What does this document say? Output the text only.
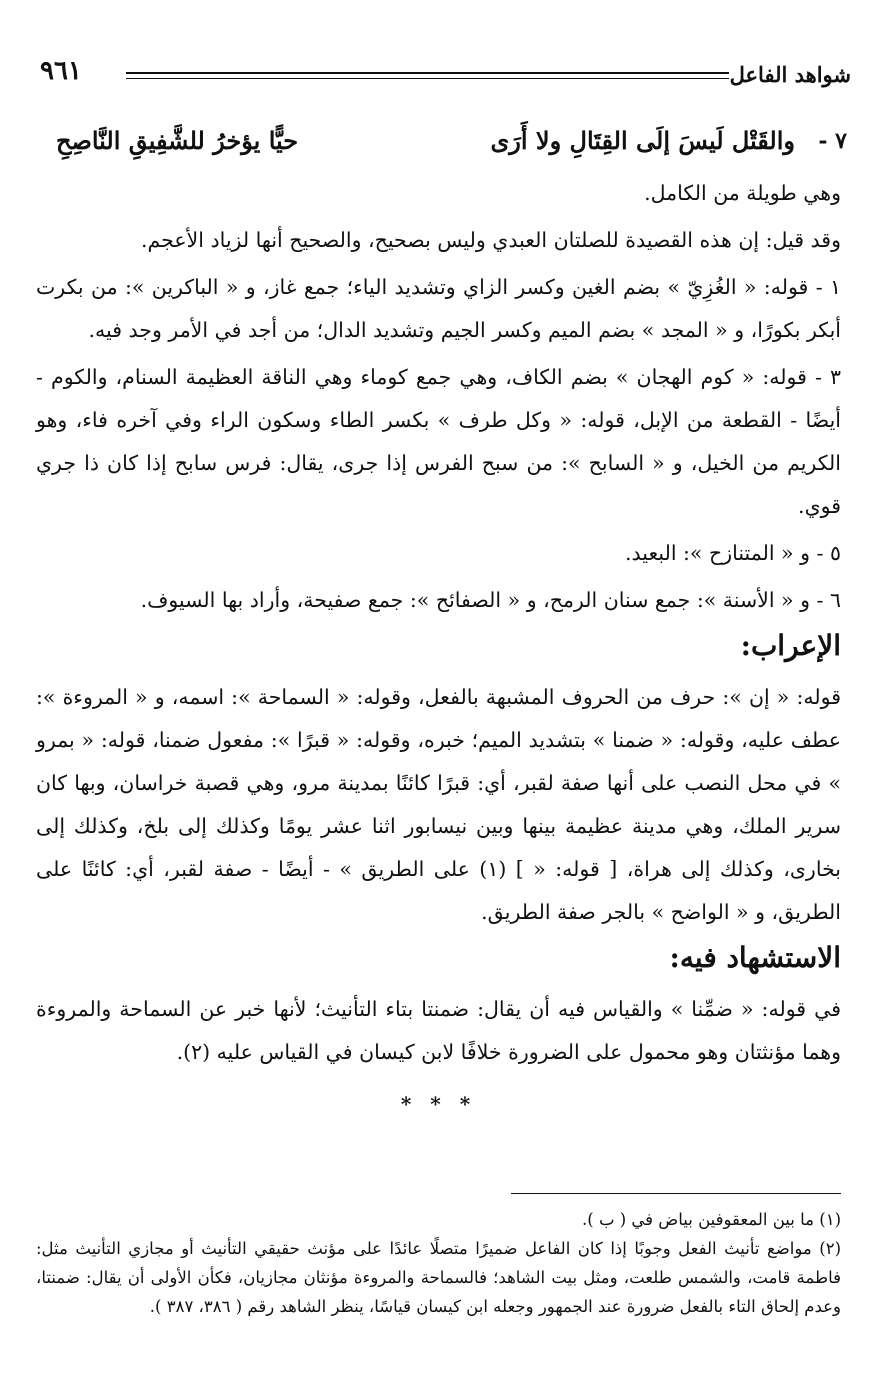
شواهد الفاعل
٩٦١
٧ -
والقَتْل لَيسَ إلَى القِتَالِ ولا أَرَى
حيًّا يؤخرُ للشَّفِيقِ النَّاصِحِ

وهي طويلة من الكامل.

وقد قيل: إن هذه القصيدة للصلتان العبدي وليس بصحيح، والصحيح أنها لزياد الأعجم.

١ - قوله: « الغُزِيّ » بضم الغين وكسر الزاي وتشديد الياء؛ جمع غاز، و « الباكرين »: من بكرت أبكر بكورًا، و « المجد » بضم الميم وكسر الجيم وتشديد الدال؛ من أجد في الأمر وجد فيه.

٣ - قوله: « كوم الهجان » بضم الكاف، وهي جمع كوماء وهي الناقة العظيمة السنام، والكوم - أيضًا - القطعة من الإبل، قوله: « وكل طرف » بكسر الطاء وسكون الراء وفي آخره فاء، وهو الكريم من الخيل، و « السابح »: من سبح الفرس إذا جرى، يقال: فرس سابح إذا كان ذا جري قوي.

٥ - و « المتنازح »: البعيد.

٦ - و « الأسنة »: جمع سنان الرمح، و « الصفائح »: جمع صفيحة، وأراد بها السيوف.

الإعراب:

قوله: « إن »: حرف من الحروف المشبهة بالفعل، وقوله: « السماحة »: اسمه، و « المروءة »: عطف عليه، وقوله: « ضمنا » بتشديد الميم؛ خبره، وقوله: « قبرًا »: مفعول ضمنا، قوله: « بمرو » في محل النصب على أنها صفة لقبر، أي: قبرًا كائنًا بمدينة مرو، وهي قصبة خراسان، وبها كان سرير الملك، وهي مدينة عظيمة بينها وبين نيسابور اثنا عشر يومًا وكذلك إلى بلخ، وكذلك إلى بخارى، وكذلك إلى هراة، [ قوله: « ] (١) على الطريق » - أيضًا - صفة لقبر، أي: كائنًا على الطريق، و « الواضح » بالجر صفة الطريق.

الاستشهاد فيه:

في قوله: « ضمِّنا » والقياس فيه أن يقال: ضمنتا بتاء التأنيث؛ لأنها خبر عن السماحة والمروءة وهما مؤنثتان وهو محمول على الضرورة خلافًا لابن كيسان في القياس عليه (٢).

* * *

(١) ما بين المعقوفين بياض في ( ب ).

(٢) مواضع تأنيث الفعل وجوبًا إذا كان الفاعل ضميرًا متصلًا عائدًا على مؤنث حقيقي التأنيث أو مجازي التأنيث مثل: فاطمة قامت، والشمس طلعت، ومثل بيت الشاهد؛ فالسماحة والمروءة مؤنثان مجازيان، فكأن الأولى أن يقال: ضمنتا، وعدم إلحاق التاء بالفعل ضرورة عند الجمهور وجعله ابن كيسان قياسًا، ينظر الشاهد رقم ( ٣٨٦، ٣٨٧ ).
